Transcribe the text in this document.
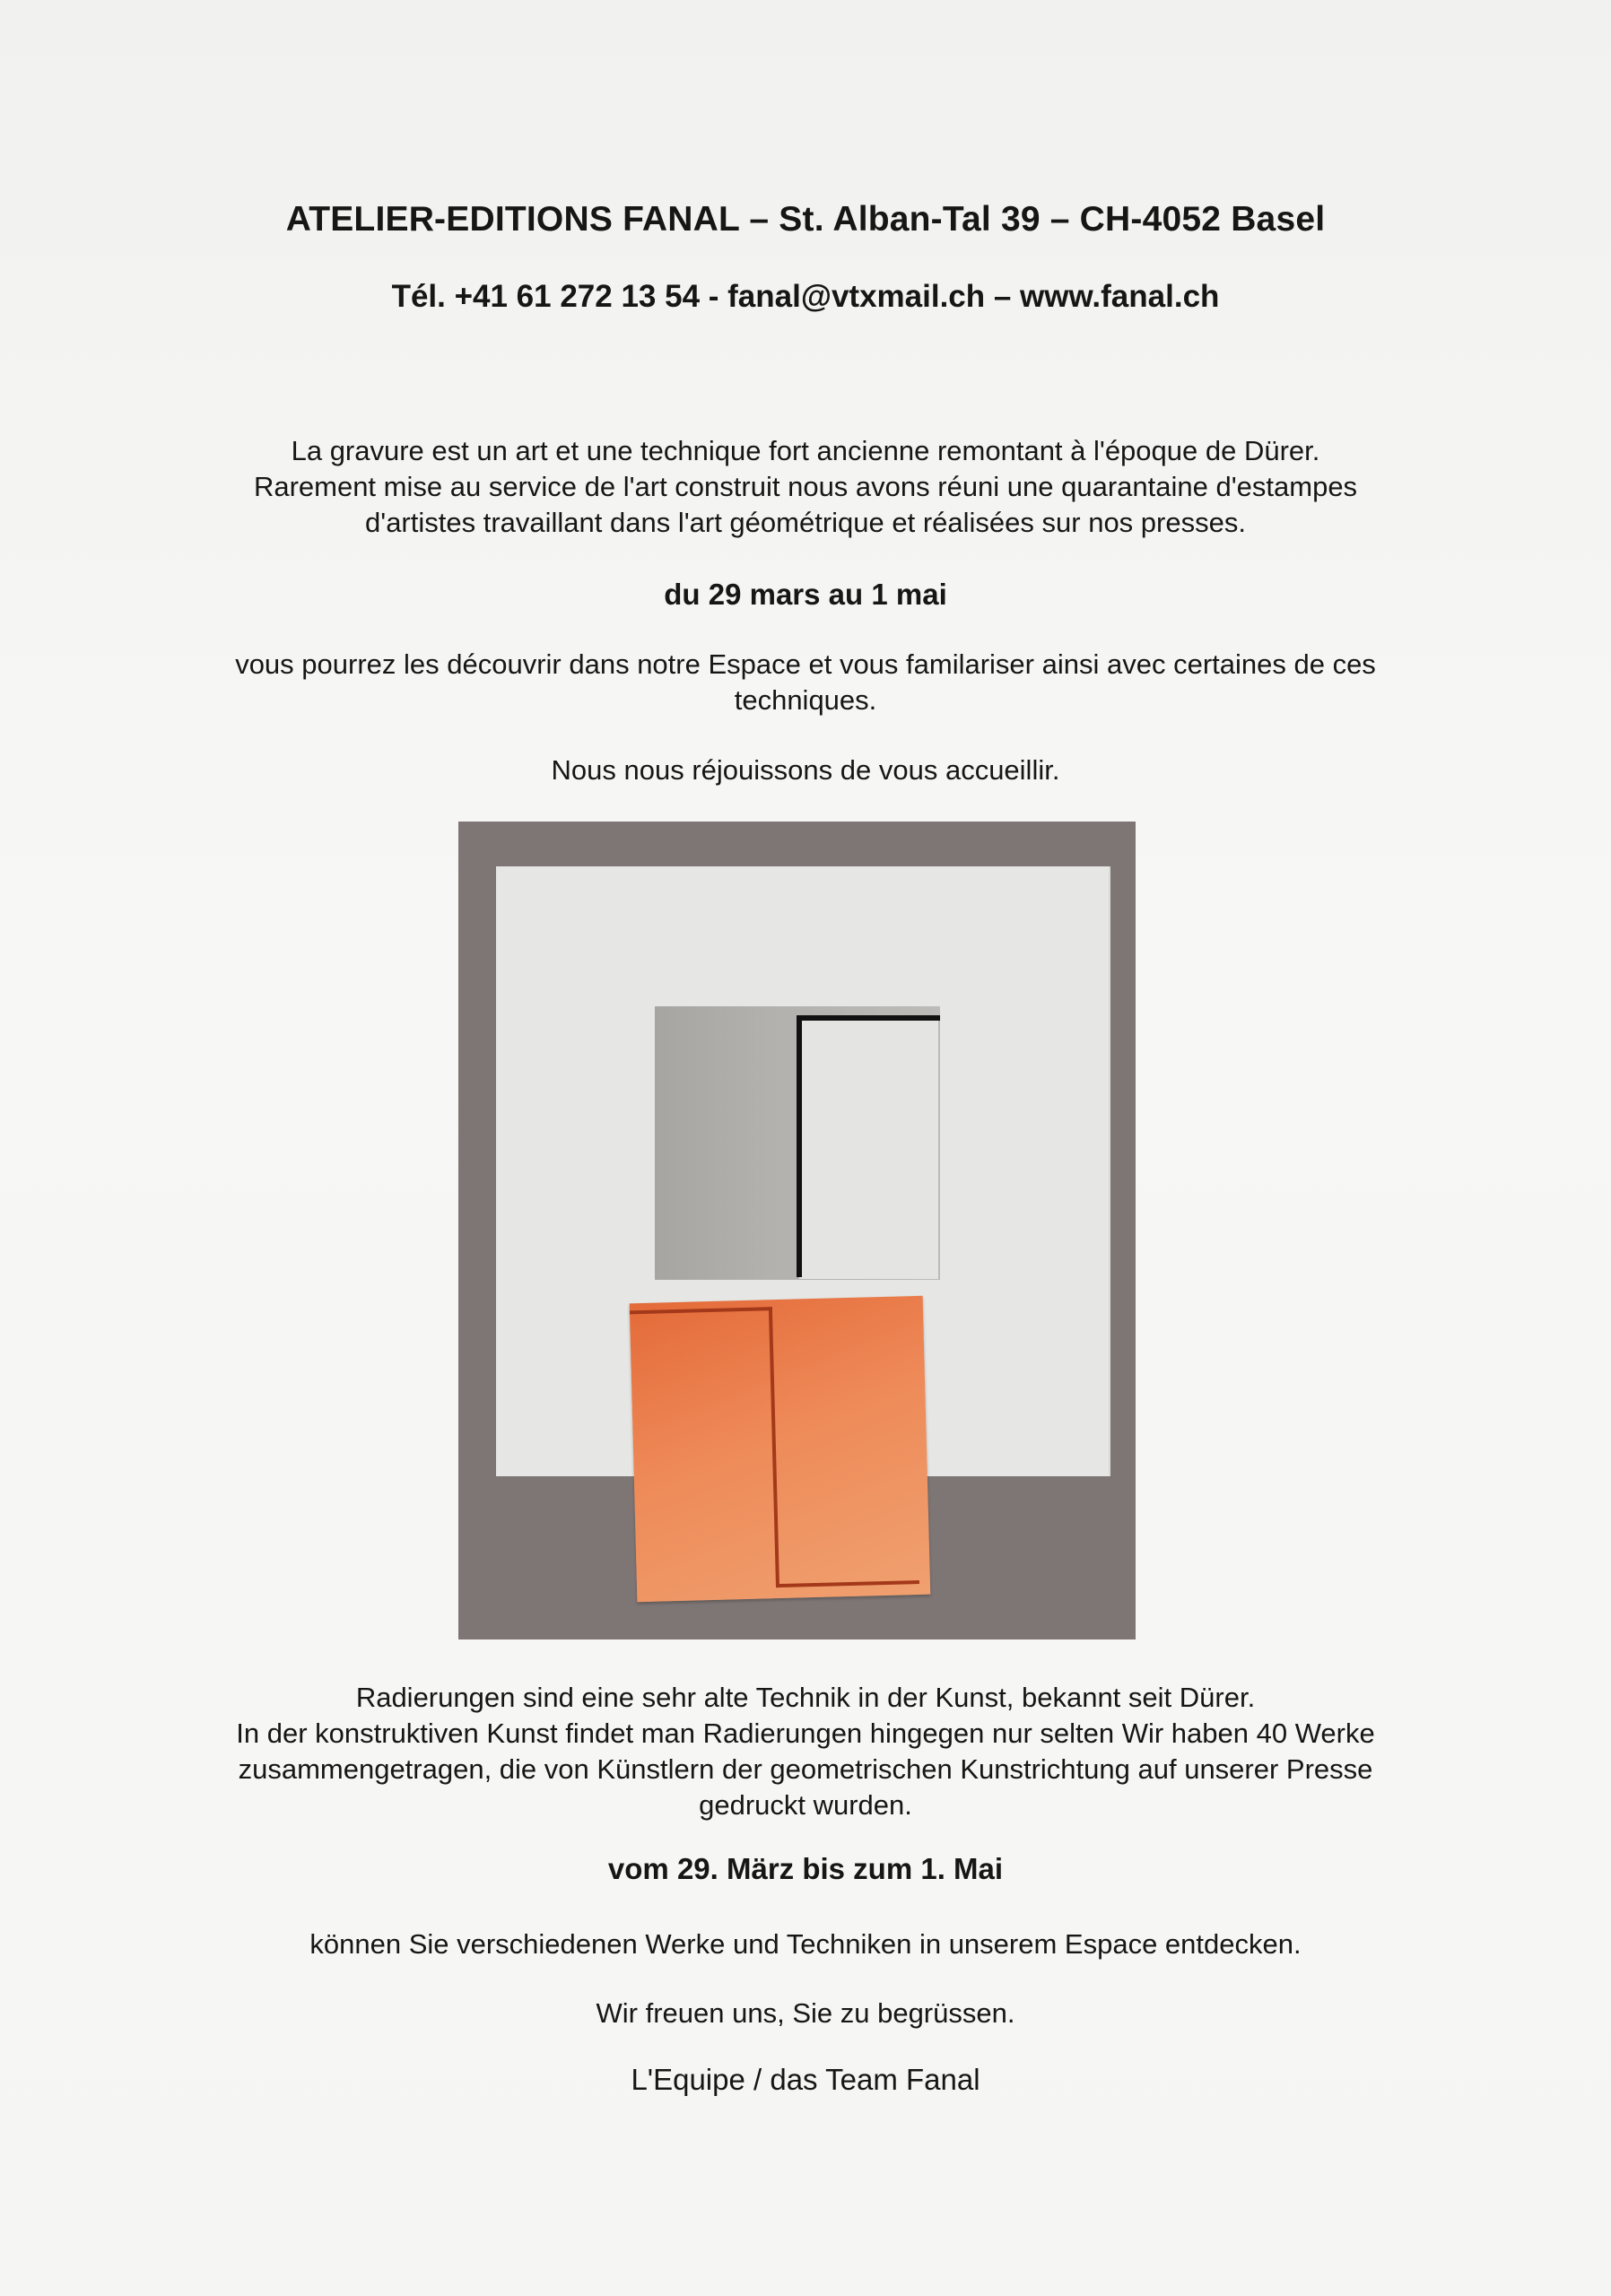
ATELIER-EDITIONS FANAL – St. Alban-Tal 39 – CH-4052 Basel

Tél. +41 61 272 13 54 - fanal@vtxmail.ch – www.fanal.ch

La gravure est un art et une technique fort ancienne remontant à l'époque de Dürer.
Rarement mise au service de l'art construit nous avons réuni une quarantaine d'estampes
d'artistes travaillant dans l'art géométrique et réalisées sur nos presses.

du 29 mars au 1 mai

vous pourrez les découvrir dans notre Espace et vous familariser ainsi avec certaines de ces
techniques.

Nous nous réjouissons de vous accueillir.

Radierungen sind eine sehr alte Technik in der Kunst, bekannt seit Dürer.
In der konstruktiven Kunst findet man Radierungen hingegen nur selten Wir haben 40 Werke
zusammengetragen, die von Künstlern der geometrischen Kunstrichtung auf unserer Presse
gedruckt wurden.

vom 29. März bis zum 1. Mai

können Sie verschiedenen Werke und Techniken in unserem Espace entdecken.

Wir freuen uns, Sie zu begrüssen.

L'Equipe / das Team Fanal
